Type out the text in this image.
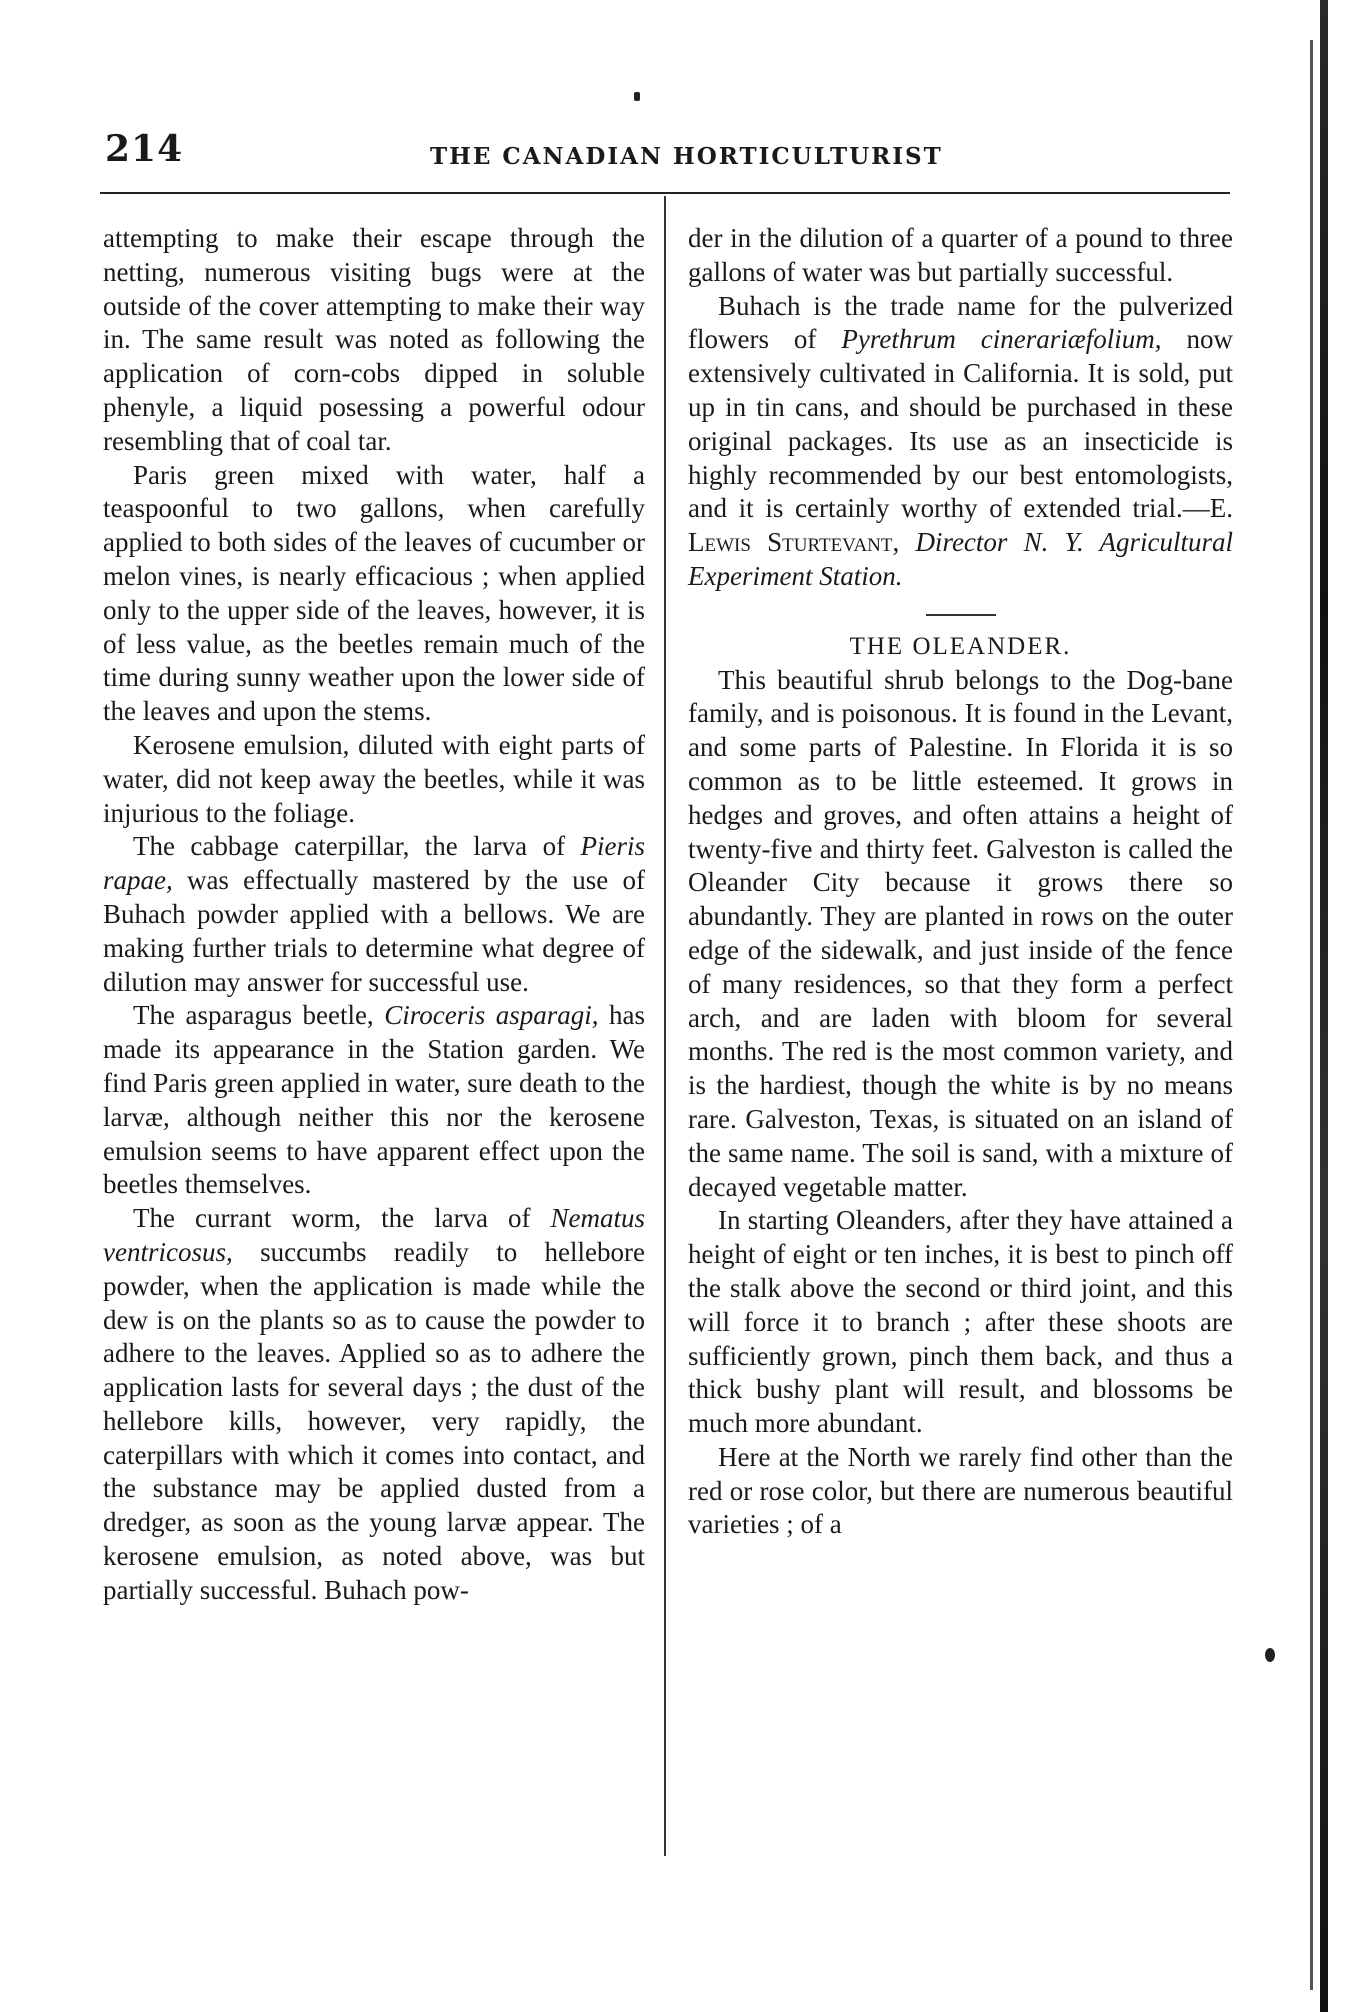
214	THE CANADIAN HORTICULTURIST

attempting to make their escape through the netting, numerous visiting bugs were at the outside of the cover attempting to make their way in. The same result was noted as following the application of corn-cobs dipped in soluble phenyle, a liquid posessing a powerful odour resembling that of coal tar.

Paris green mixed with water, half a teaspoonful to two gallons, when carefully applied to both sides of the leaves of cucumber or melon vines, is nearly efficacious ; when applied only to the upper side of the leaves, however, it is of less value, as the beetles remain much of the time during sunny weather upon the lower side of the leaves and upon the stems.

Kerosene emulsion, diluted with eight parts of water, did not keep away the beetles, while it was injurious to the foliage.

The cabbage caterpillar, the larva of Pieris rapae, was effectually mastered by the use of Buhach powder applied with a bellows. We are making further trials to determine what degree of dilution may answer for successful use.

The asparagus beetle, Ciroceris asparagi, has made its appearance in the Station garden. We find Paris green applied in water, sure death to the larvæ, although neither this nor the kerosene emulsion seems to have apparent effect upon the beetles themselves.

The currant worm, the larva of Nematus ventricosus, succumbs readily to hellebore powder, when the application is made while the dew is on the plants so as to cause the powder to adhere to the leaves. Applied so as to adhere the application lasts for several days ; the dust of the hellebore kills, however, very rapidly, the caterpillars with which it comes into contact, and the substance may be applied dusted from a dredger, as soon as the young larvæ appear. The kerosene emulsion, as noted above, was but partially successful. Buhach pow-

der in the dilution of a quarter of a pound to three gallons of water was but partially successful.

Buhach is the trade name for the pulverized flowers of Pyrethrum cinerariæfolium, now extensively cultivated in California. It is sold, put up in tin cans, and should be purchased in these original packages. Its use as an insecticide is highly recommended by our best entomologists, and it is certainly worthy of extended trial.—E. Lewis Sturtevant, Director N. Y. Agricultural Experiment Station.

THE OLEANDER.

This beautiful shrub belongs to the Dog-bane family, and is poisonous. It is found in the Levant, and some parts of Palestine. In Florida it is so common as to be little esteemed. It grows in hedges and groves, and often attains a height of twenty-five and thirty feet. Galveston is called the Oleander City because it grows there so abundantly. They are planted in rows on the outer edge of the sidewalk, and just inside of the fence of many residences, so that they form a perfect arch, and are laden with bloom for several months. The red is the most common variety, and is the hardiest, though the white is by no means rare. Galveston, Texas, is situated on an island of the same name. The soil is sand, with a mixture of decayed vegetable matter.

In starting Oleanders, after they have attained a height of eight or ten inches, it is best to pinch off the stalk above the second or third joint, and this will force it to branch ; after these shoots are sufficiently grown, pinch them back, and thus a thick bushy plant will result, and blossoms be much more abundant.

Here at the North we rarely find other than the red or rose color, but there are numerous beautiful varieties ; of a
